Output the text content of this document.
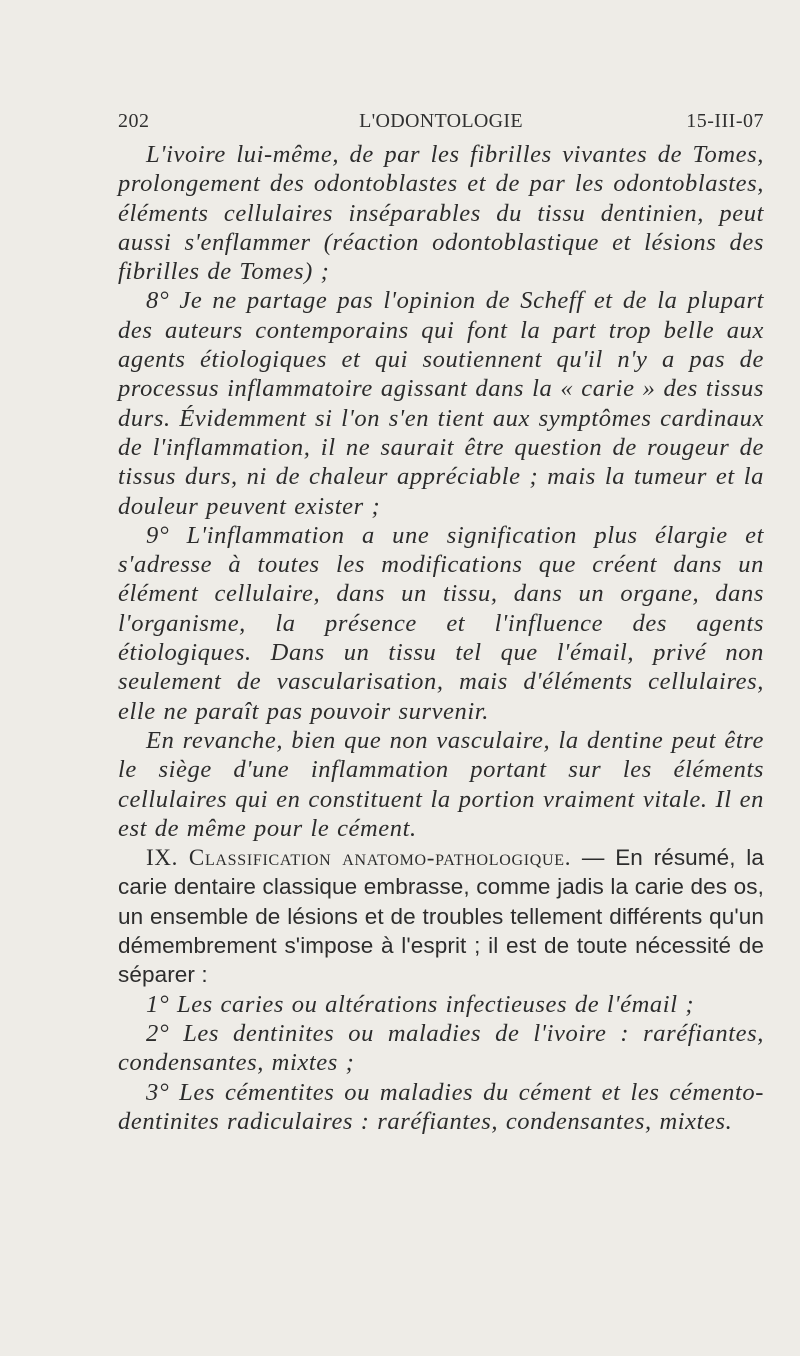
202	L'ODONTOLOGIE	15-III-07

L'ivoire lui-même, de par les fibrilles vivantes de Tomes, prolongement des odontoblastes et de par les odontoblastes, éléments cellulaires inséparables du tissu dentinien, peut aussi s'enflammer (réaction odontoblastique et lésions des fibrilles de Tomes) ;

8° Je ne partage pas l'opinion de Scheff et de la plupart des auteurs contemporains qui font la part trop belle aux agents étiologiques et qui soutiennent qu'il n'y a pas de processus inflammatoire agissant dans la « carie » des tissus durs. Évidemment si l'on s'en tient aux symptômes cardinaux de l'inflammation, il ne saurait être question de rougeur de tissus durs, ni de chaleur appréciable ; mais la tumeur et la douleur peuvent exister ;

9° L'inflammation a une signification plus élargie et s'adresse à toutes les modifications que créent dans un élément cellulaire, dans un tissu, dans un organe, dans l'organisme, la présence et l'influence des agents étiologiques. Dans un tissu tel que l'émail, privé non seulement de vascularisation, mais d'éléments cellulaires, elle ne paraît pas pouvoir survenir.

En revanche, bien que non vasculaire, la dentine peut être le siège d'une inflammation portant sur les éléments cellulaires qui en constituent la portion vraiment vitale. Il en est de même pour le cément.

IX. Classification anatomo-pathologique. — En résumé, la carie dentaire classique embrasse, comme jadis la carie des os, un ensemble de lésions et de troubles tellement différents qu'un démembrement s'impose à l'esprit ; il est de toute nécessité de séparer :

1° Les caries ou altérations infectieuses de l'émail ;

2° Les dentinites ou maladies de l'ivoire : raréfiantes, condensantes, mixtes ;

3° Les cémentites ou maladies du cément et les cémento-dentinites radiculaires : raréfiantes, condensantes, mixtes.
